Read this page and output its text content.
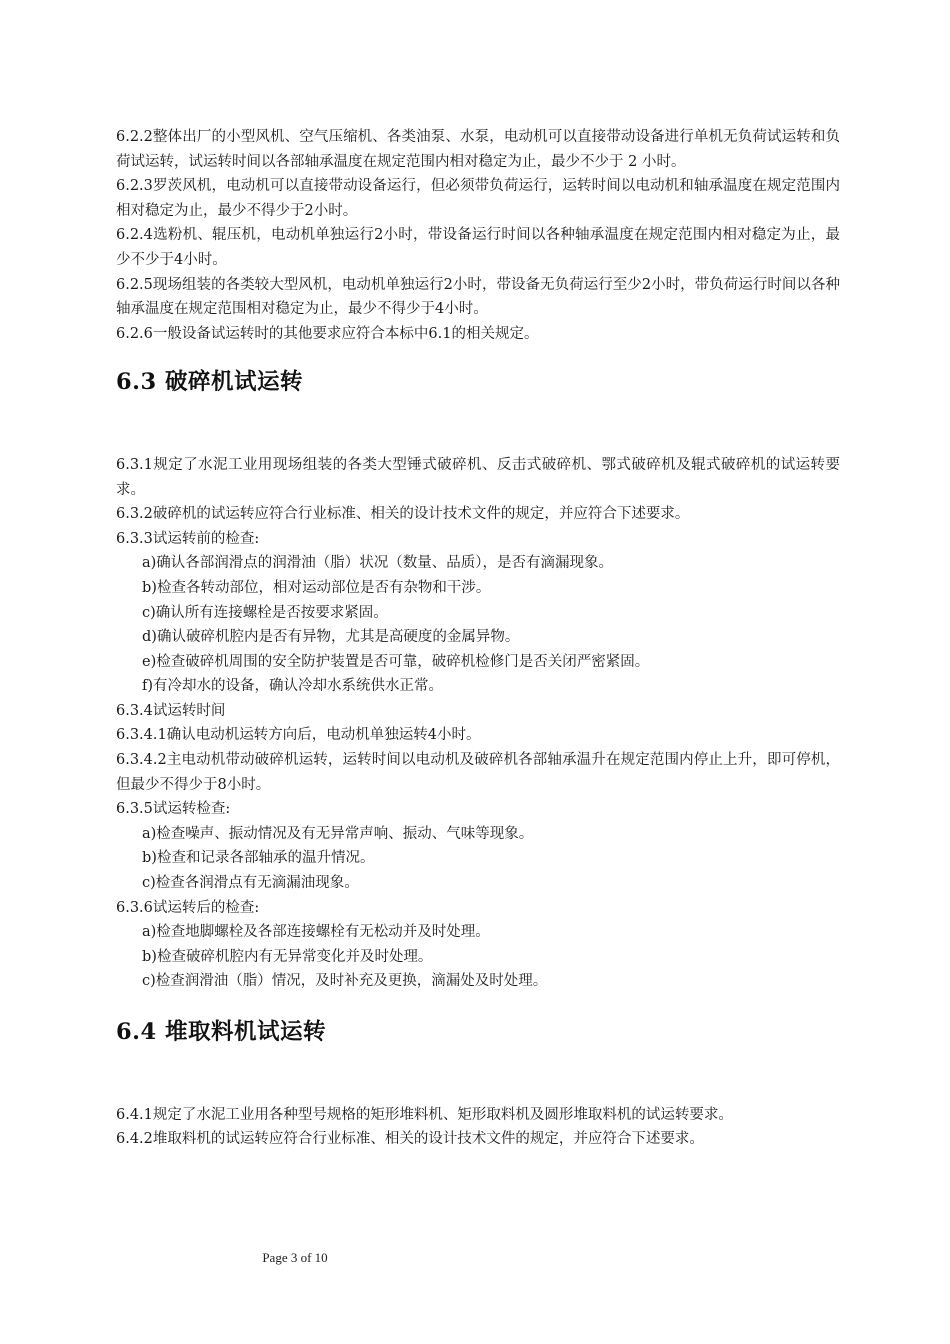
6.2.2整体出厂的小型风机、空气压缩机、各类油泵、水泵，电动机可以直接带动设备进行单机无负荷试运转和负荷试运转，试运转时间以各部轴承温度在规定范围内相对稳定为止，最少不少于 2 小时。

6.2.3罗茨风机，电动机可以直接带动设备运行，但必须带负荷运行，运转时间以电动机和轴承温度在规定范围内相对稳定为止，最少不得少于2小时。

6.2.4选粉机、辊压机，电动机单独运行2小时，带设备运行时间以各种轴承温度在规定范围内相对稳定为止，最少不少于4小时。

6.2.5现场组装的各类较大型风机，电动机单独运行2小时，带设备无负荷运行至少2小时，带负荷运行时间以各种轴承温度在规定范围相对稳定为止，最少不得少于4小时。

6.2.6一般设备试运转时的其他要求应符合本标中6.1的相关规定。

6.3 破碎机试运转

6.3.1规定了水泥工业用现场组装的各类大型锤式破碎机、反击式破碎机、鄂式破碎机及辊式破碎机的试运转要求。

6.3.2破碎机的试运转应符合行业标准、相关的设计技术文件的规定，并应符合下述要求。

6.3.3试运转前的检查:

a)确认各部润滑点的润滑油（脂）状况（数量、品质），是否有滴漏现象。

b)检查各转动部位，相对运动部位是否有杂物和干涉。

c)确认所有连接螺栓是否按要求紧固。

d)确认破碎机腔内是否有异物，尤其是高硬度的金属异物。

e)检查破碎机周围的安全防护装置是否可靠，破碎机检修门是否关闭严密紧固。

f)有冷却水的设备，确认冷却水系统供水正常。

6.3.4试运转时间

6.3.4.1确认电动机运转方向后，电动机单独运转4小时。

6.3.4.2主电动机带动破碎机运转，运转时间以电动机及破碎机各部轴承温升在规定范围内停止上升，即可停机，但最少不得少于8小时。

6.3.5试运转检查:

a)检查噪声、振动情况及有无异常声响、振动、气味等现象。

b)检查和记录各部轴承的温升情况。

c)检查各润滑点有无滴漏油现象。

6.3.6试运转后的检查:

a)检查地脚螺栓及各部连接螺栓有无松动并及时处理。

b)检查破碎机腔内有无异常变化并及时处理。

c)检查润滑油（脂）情况，及时补充及更换，滴漏处及时处理。

6.4 堆取料机试运转

6.4.1规定了水泥工业用各种型号规格的矩形堆料机、矩形取料机及圆形堆取料机的试运转要求。

6.4.2堆取料机的试运转应符合行业标准、相关的设计技术文件的规定，并应符合下述要求。

Page 3 of 10
